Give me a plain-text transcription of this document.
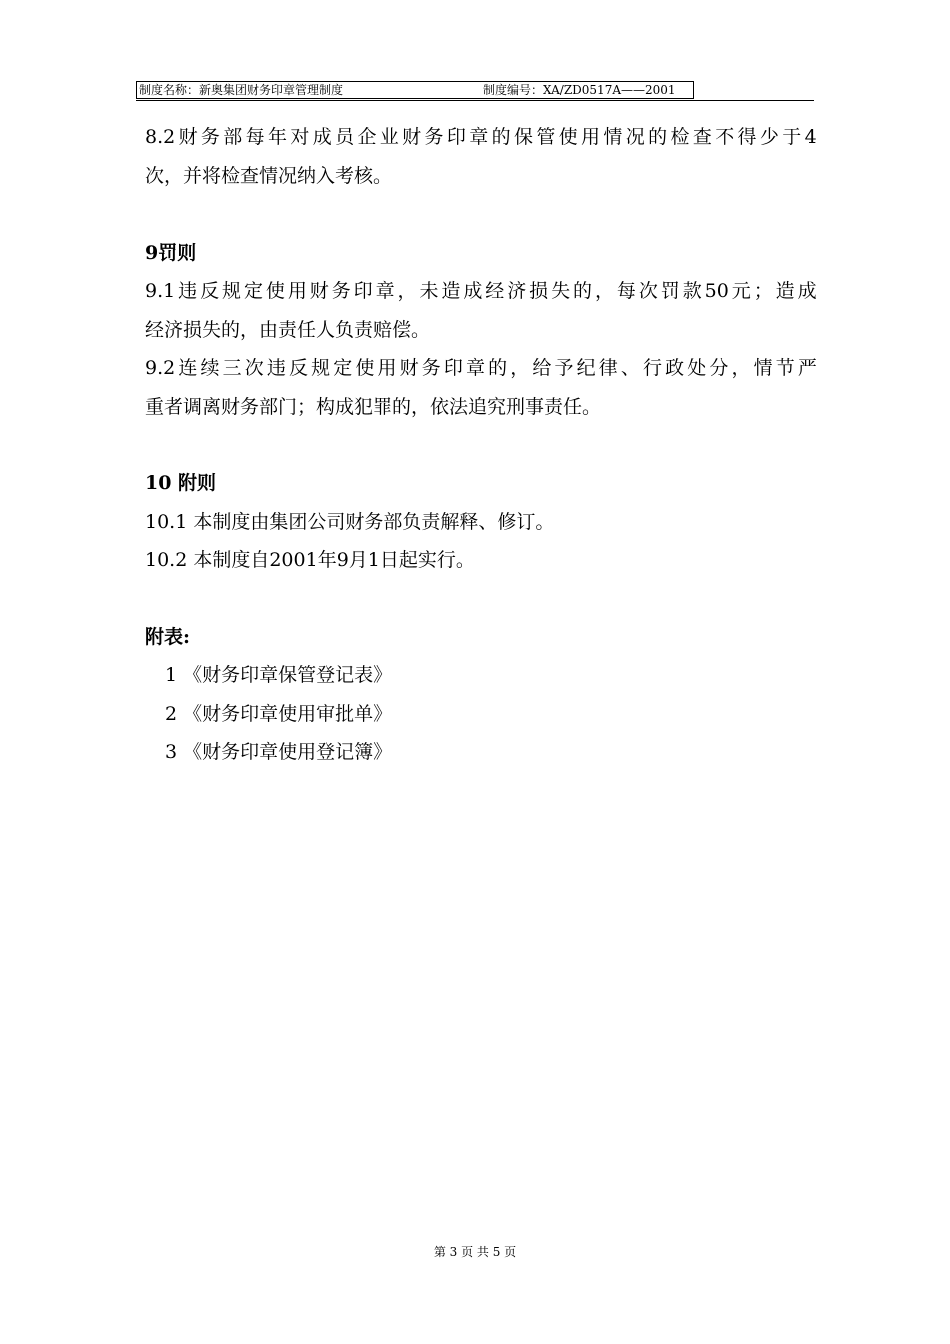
制度名称：新奥集团财务印章管理制度	制度编号：XA/ZD0517A——2001
8.2 财 务 部 每 年 对 成 员 企 业 财 务 印 章 的 保 管 使 用 情 况 的 检 查 不 得 少 于 4
次，并将检查情况纳入考核。
9罚则
9.1 违 反 规 定 使 用 财 务 印 章 ， 未 造 成 经 济 损 失 的 ， 每 次 罚 款 50 元 ； 造 成
经济损失的，由责任人负责赔偿。
9.2 连 续 三 次 违 反 规 定 使 用 财 务 印 章 的 ， 给 予 纪 律 、 行 政 处 分 ， 情 节 严
重者调离财务部门；构成犯罪的，依法追究刑事责任。
10 附则
10.1 本制度由集团公司财务部负责解释、修订。
10.2 本制度自2001年9月1日起实行。
附表:
1 《财务印章保管登记表》
2 《财务印章使用审批单》
3 《财务印章使用登记簿》
第 3 页 共 5 页
